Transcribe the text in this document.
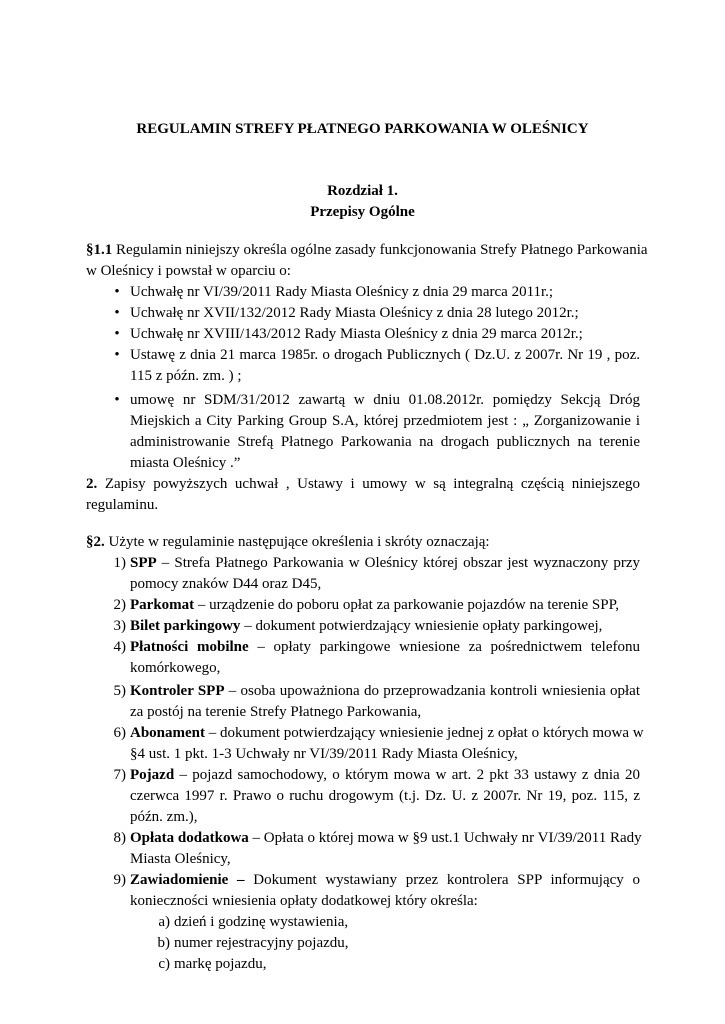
REGULAMIN STREFY PŁATNEGO PARKOWANIA W OLEŚNICY
Rozdział 1.
Przepisy Ogólne
§1.1 Regulamin niniejszy określa ogólne zasady funkcjonowania Strefy Płatnego Parkowania
w Oleśnicy i powstał w oparciu o:
• Uchwałę nr VI/39/2011 Rady Miasta Oleśnicy z dnia 29 marca 2011r.;
• Uchwałę nr XVII/132/2012 Rady Miasta Oleśnicy z dnia 28 lutego 2012r.;
• Uchwałę nr XVIII/143/2012 Rady Miasta Oleśnicy z dnia 29 marca 2012r.;
• Ustawę z dnia 21 marca 1985r. o drogach Publicznych ( Dz.U. z 2007r. Nr 19 , poz.
115 z późn. zm. ) ;
• umowę nr SDM/31/2012 zawartą w dniu 01.08.2012r. pomiędzy Sekcją Dróg
Miejskich a City Parking Group S.A, której przedmiotem jest : „ Zorganizowanie i
administrowanie Strefą Płatnego Parkowania na drogach publicznych na terenie
miasta Oleśnicy .”
2. Zapisy powyższych uchwał , Ustawy i umowy w są integralną częścią niniejszego
regulaminu.
§2. Użyte w regulaminie następujące określenia i skróty oznaczają:
1) SPP – Strefa Płatnego Parkowania w Oleśnicy której obszar jest wyznaczony przy
pomocy znaków D44 oraz D45,
2) Parkomat – urządzenie do poboru opłat za parkowanie pojazdów na terenie SPP,
3) Bilet parkingowy – dokument potwierdzający wniesienie opłaty parkingowej,
4) Płatności mobilne – opłaty parkingowe wniesione za pośrednictwem telefonu
komórkowego,
5) Kontroler SPP – osoba upoważniona do przeprowadzania kontroli wniesienia opłat
za postój na terenie Strefy Płatnego Parkowania,
6) Abonament – dokument potwierdzający wniesienie jednej z opłat o których mowa w
§4 ust. 1 pkt. 1-3 Uchwały nr VI/39/2011 Rady Miasta Oleśnicy,
7) Pojazd – pojazd samochodowy, o którym mowa w art. 2 pkt 33 ustawy z dnia 20
czerwca 1997 r. Prawo o ruchu drogowym (t.j. Dz. U. z 2007r. Nr 19, poz. 115, z
późn. zm.),
8) Opłata dodatkowa – Opłata o której mowa w §9 ust.1 Uchwały nr VI/39/2011 Rady
Miasta Oleśnicy,
9) Zawiadomienie – Dokument wystawiany przez kontrolera SPP informujący o
konieczności wniesienia opłaty dodatkowej który określa:
a) dzień i godzinę wystawienia,
b) numer rejestracyjny pojazdu,
c) markę pojazdu,
